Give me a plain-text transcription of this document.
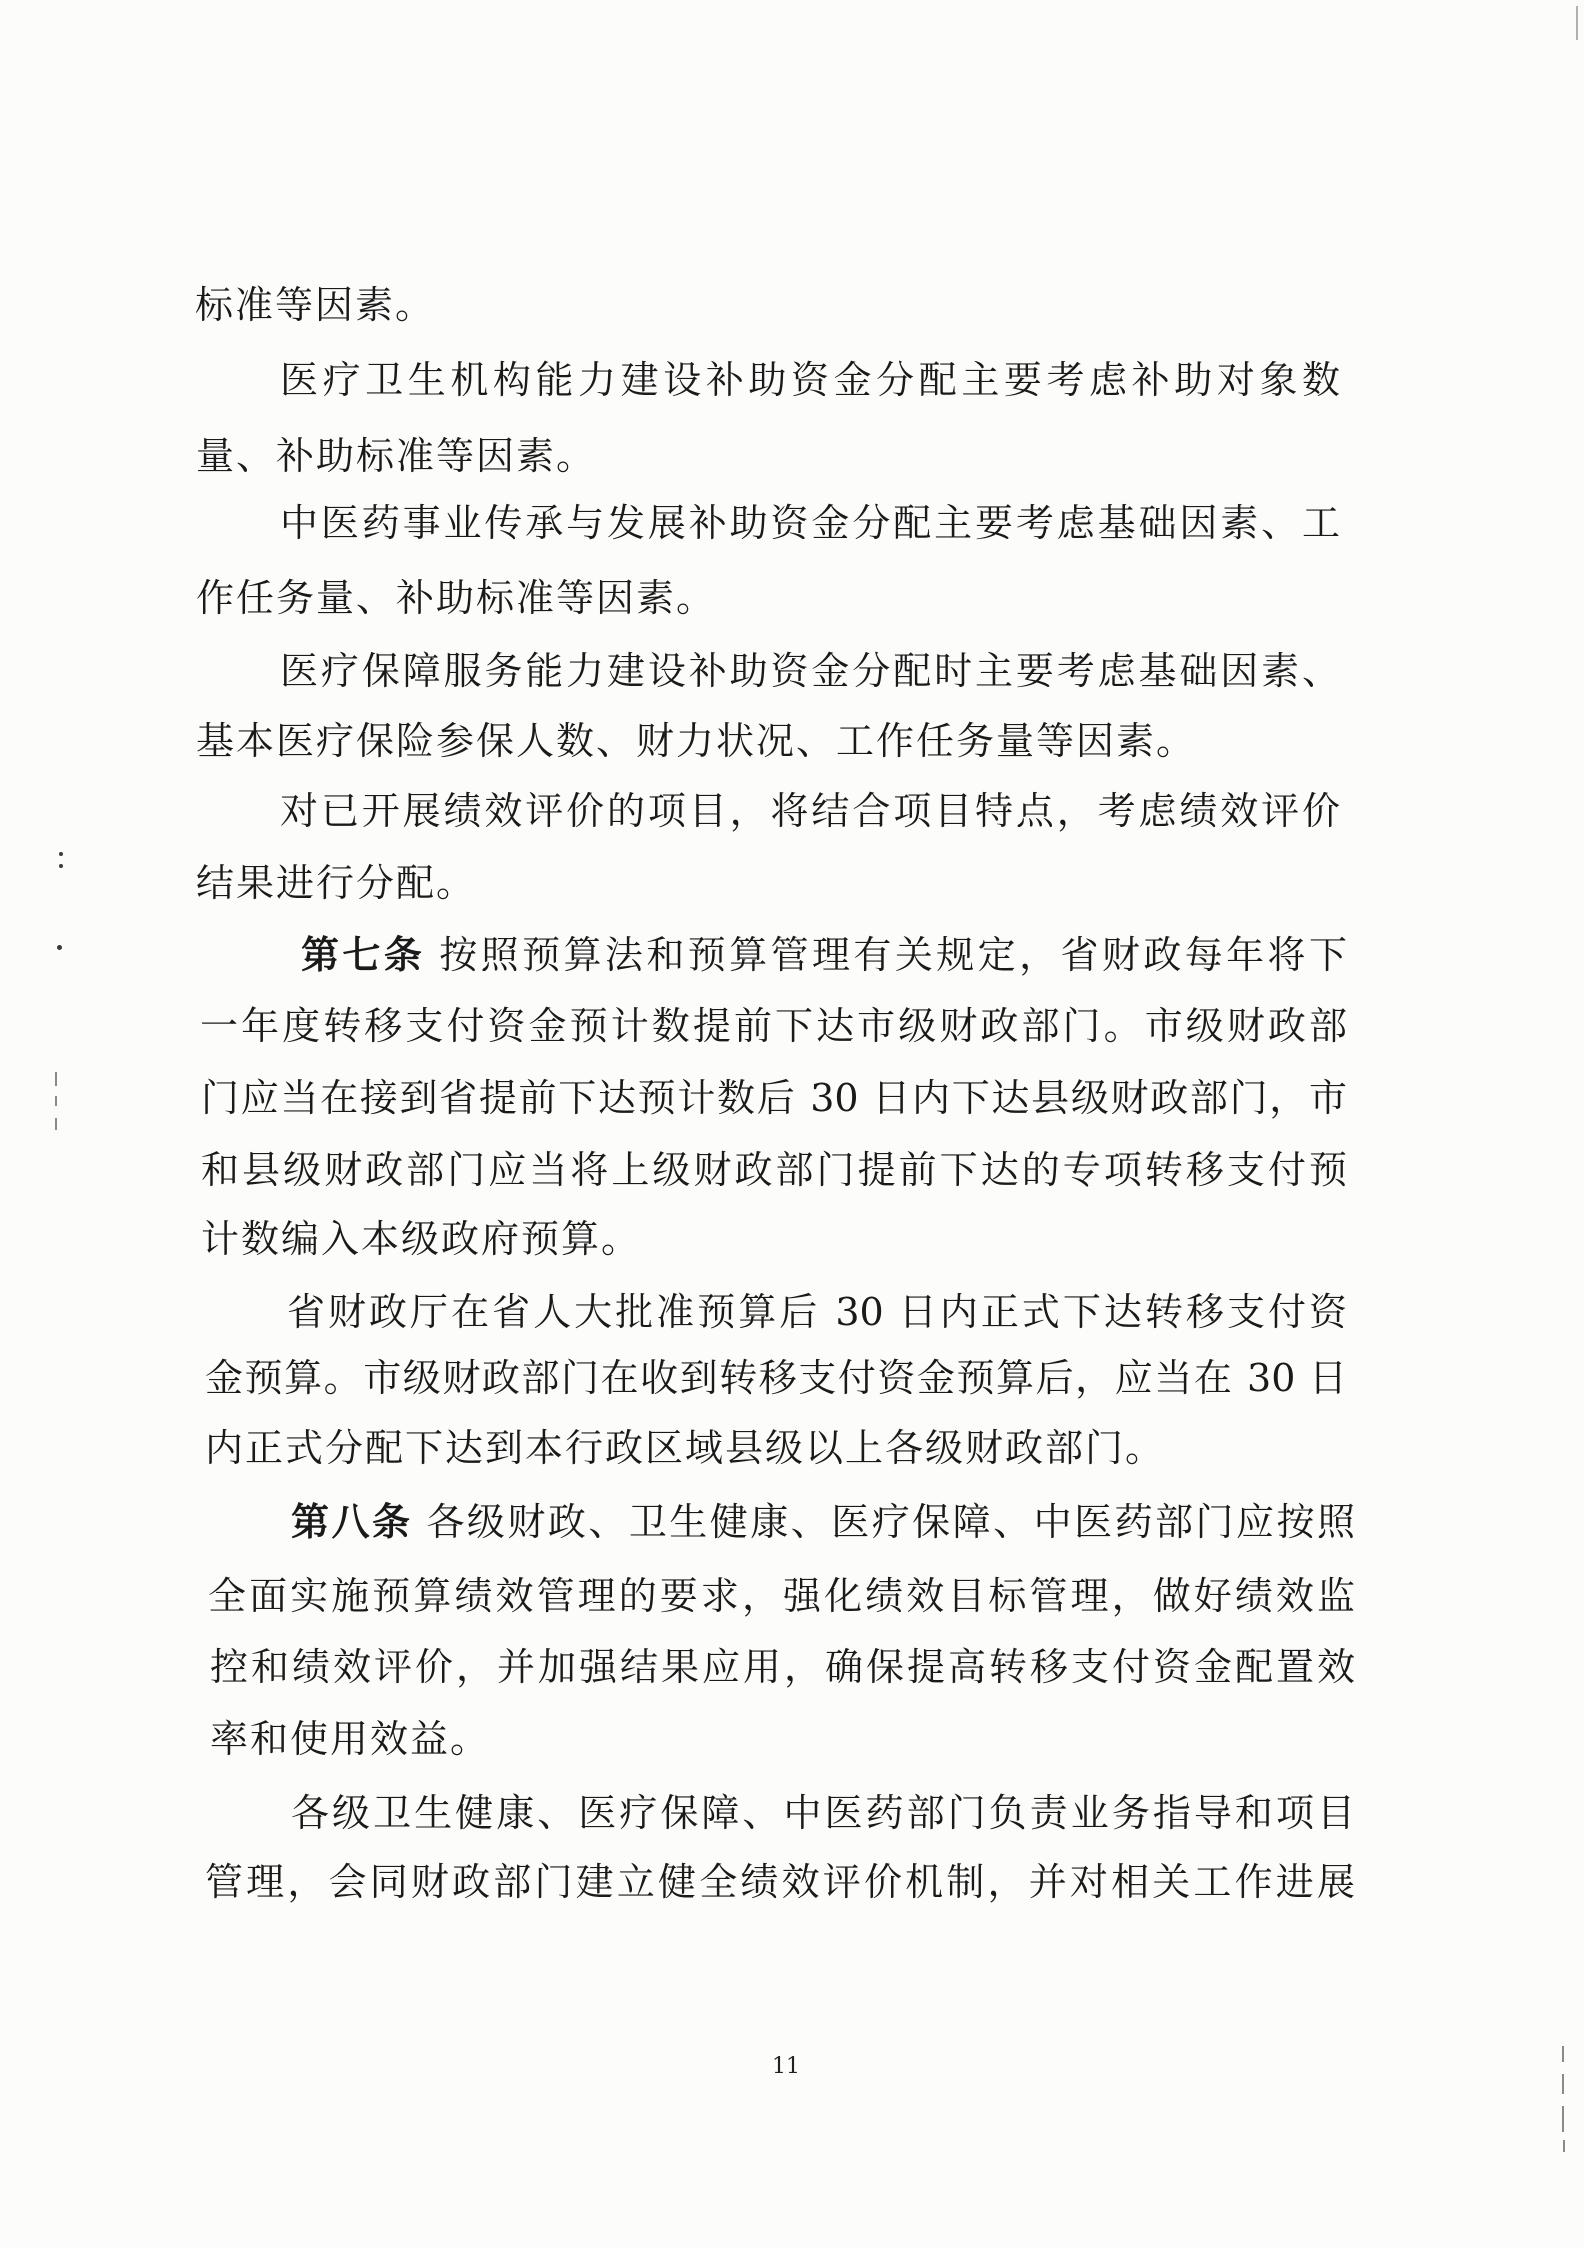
标准等因素。
医疗卫生机构能力建设补助资金分配主要考虑补助对象数
量、补助标准等因素。
中医药事业传承与发展补助资金分配主要考虑基础因素、工
作任务量、补助标准等因素。
医疗保障服务能力建设补助资金分配时主要考虑基础因素、
基本医疗保险参保人数、财力状况、工作任务量等因素。
对已开展绩效评价的项目，将结合项目特点，考虑绩效评价
结果进行分配。
第七条 按照预算法和预算管理有关规定，省财政每年将下
一年度转移支付资金预计数提前下达市级财政部门。市级财政部
门应当在接到省提前下达预计数后 30 日内下达县级财政部门，市
和县级财政部门应当将上级财政部门提前下达的专项转移支付预
计数编入本级政府预算。
省财政厅在省人大批准预算后 30 日内正式下达转移支付资
金预算。市级财政部门在收到转移支付资金预算后，应当在 30 日
内正式分配下达到本行政区域县级以上各级财政部门。
第八条 各级财政、卫生健康、医疗保障、中医药部门应按照
全面实施预算绩效管理的要求，强化绩效目标管理，做好绩效监
控和绩效评价，并加强结果应用，确保提高转移支付资金配置效
率和使用效益。
各级卫生健康、医疗保障、中医药部门负责业务指导和项目
管理，会同财政部门建立健全绩效评价机制，并对相关工作进展
11
